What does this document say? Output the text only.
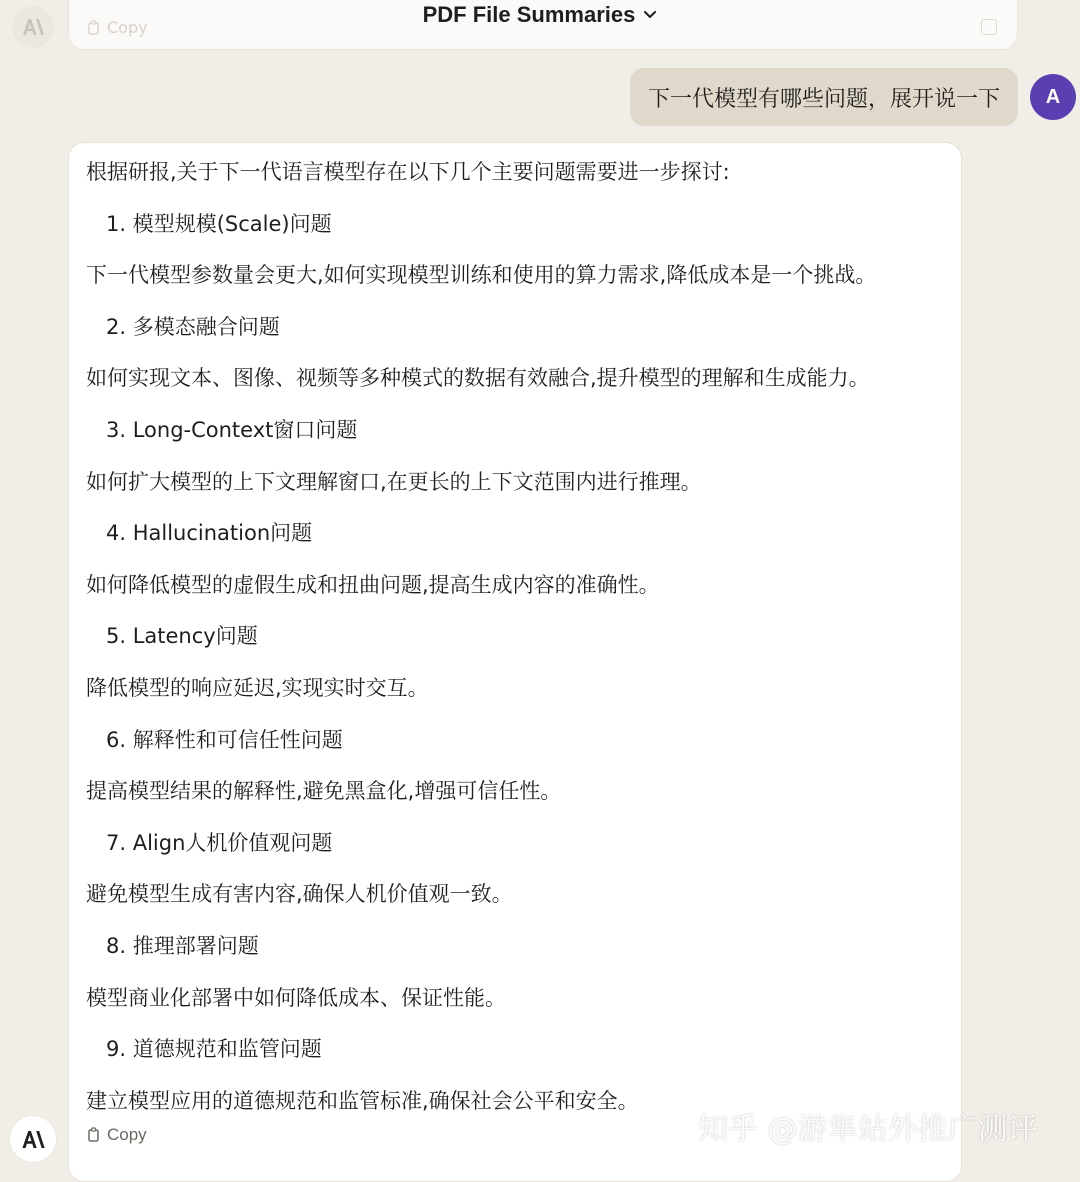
Copy
PDF File Summaries
下一代模型有哪些问题，展开说一下 A
根据研报,关于下一代语言模型存在以下几个主要问题需要进一步探讨:
1. 模型规模(Scale)问题
下一代模型参数量会更大,如何实现模型训练和使用的算力需求,降低成本是一个挑战。
2. 多模态融合问题
如何实现文本、图像、视频等多种模式的数据有效融合,提升模型的理解和生成能力。
3. Long-Context窗口问题
如何扩大模型的上下文理解窗口,在更长的上下文范围内进行推理。
4. Hallucination问题
如何降低模型的虚假生成和扭曲问题,提高生成内容的准确性。
5. Latency问题
降低模型的响应延迟,实现实时交互。
6. 解释性和可信任性问题
提高模型结果的解释性,避免黑盒化,增强可信任性。
7. Align人机价值观问题
避免模型生成有害内容,确保人机价值观一致。
8. 推理部署问题
模型商业化部署中如何降低成本、保证性能。
9. 道德规范和监管问题
建立模型应用的道德规范和监管标准,确保社会公平和安全。
Copy	知乎 @游隼站外推广测评
